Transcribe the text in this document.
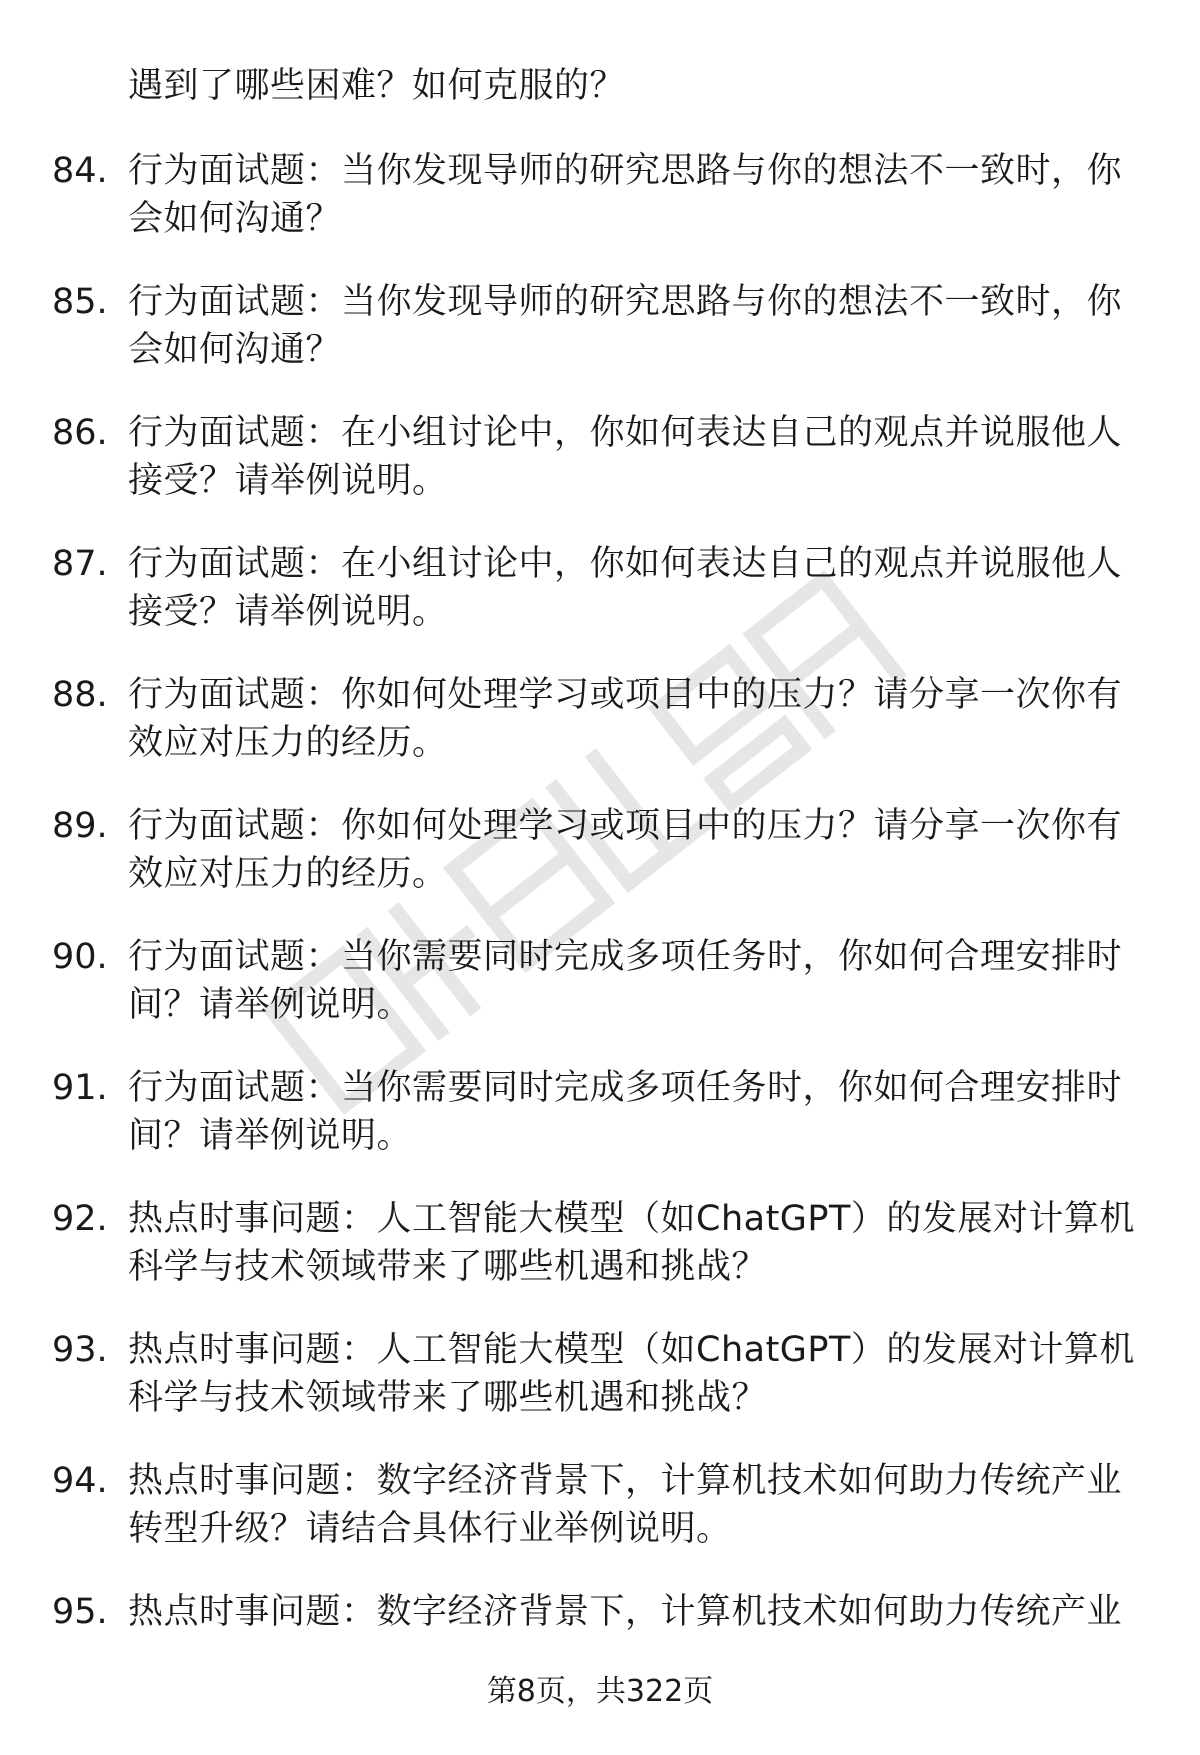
遇到了哪些困难？如何克服的？
84. 行为面试题：当你发现导师的研究思路与你的想法不一致时，你
会如何沟通？
85. 行为面试题：当你发现导师的研究思路与你的想法不一致时，你
会如何沟通？
86. 行为面试题：在小组讨论中，你如何表达自己的观点并说服他人
接受？请举例说明。
87. 行为面试题：在小组讨论中，你如何表达自己的观点并说服他人
接受？请举例说明。
88. 行为面试题：你如何处理学习或项目中的压力？请分享一次你有
效应对压力的经历。
89. 行为面试题：你如何处理学习或项目中的压力？请分享一次你有
效应对压力的经历。
90. 行为面试题：当你需要同时完成多项任务时，你如何合理安排时
间？请举例说明。
91. 行为面试题：当你需要同时完成多项任务时，你如何合理安排时
间？请举例说明。
92. 热点时事问题：人工智能大模型（如ChatGPT）的发展对计算机
科学与技术领域带来了哪些机遇和挑战？
93. 热点时事问题：人工智能大模型（如ChatGPT）的发展对计算机
科学与技术领域带来了哪些机遇和挑战？
94. 热点时事问题：数字经济背景下，计算机技术如何助力传统产业
转型升级？请结合具体行业举例说明。
95. 热点时事问题：数字经济背景下，计算机技术如何助力传统产业
第8页，共322页
